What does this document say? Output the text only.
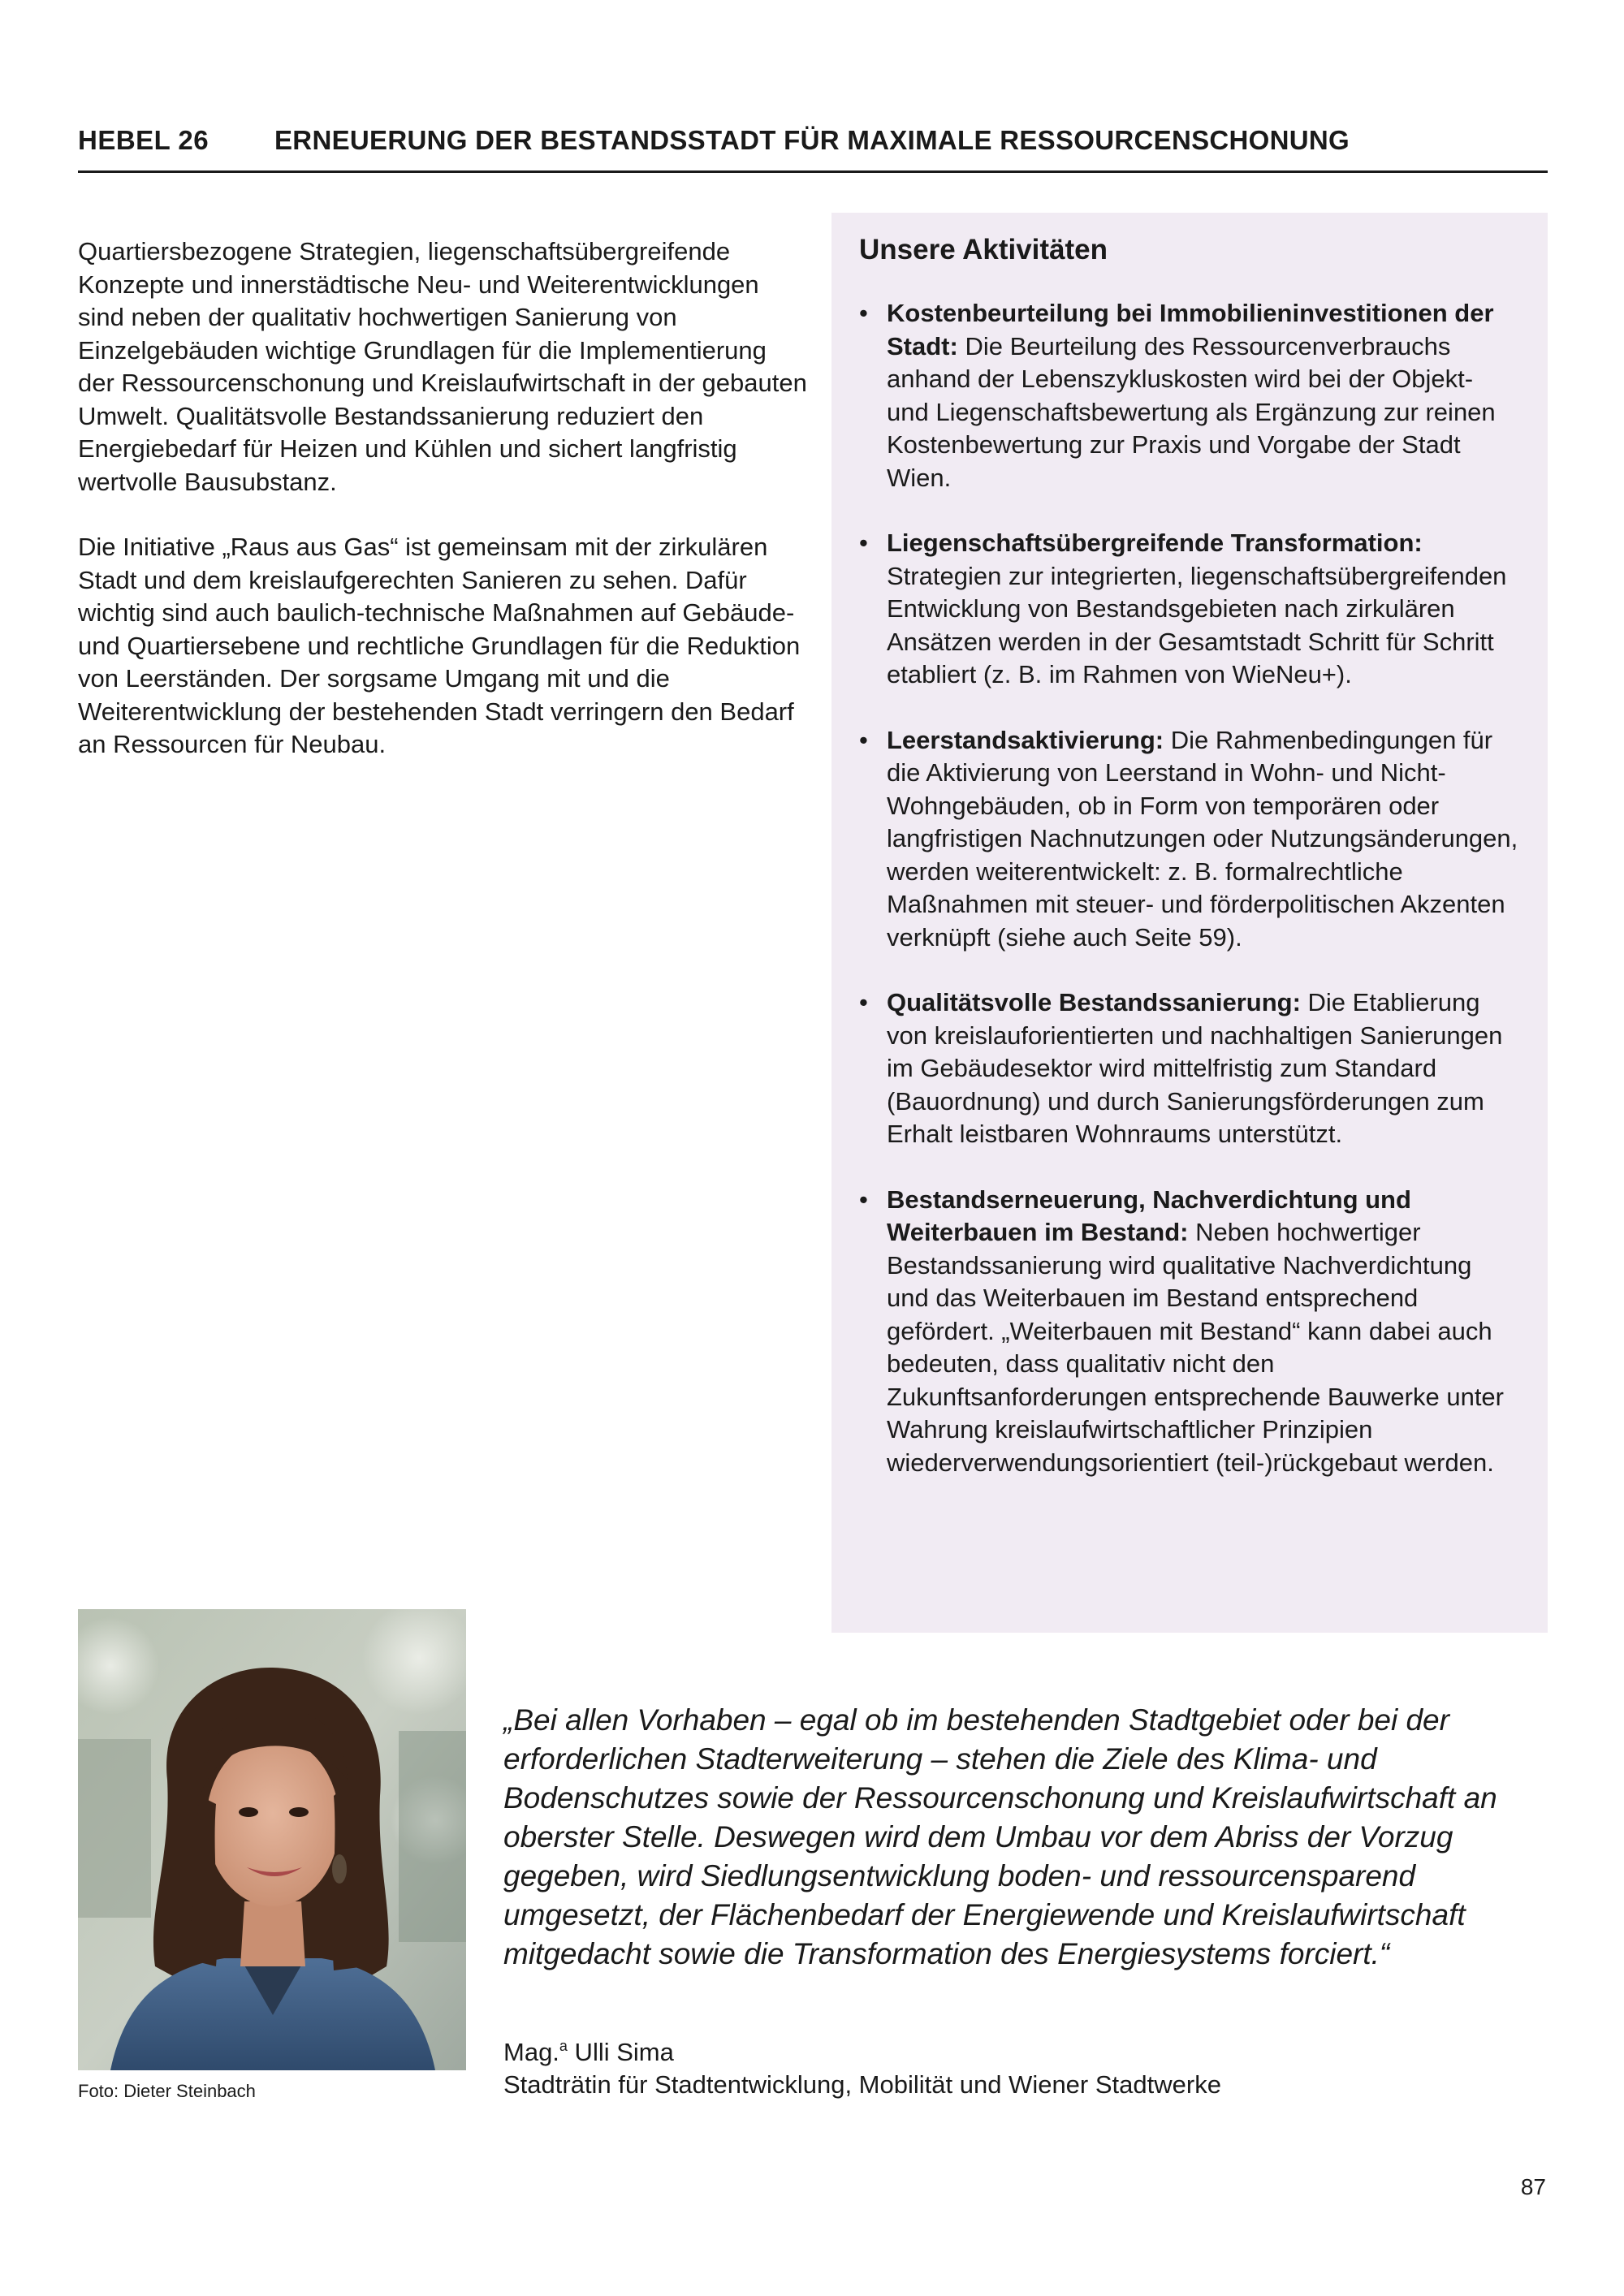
HEBEL 26 ERNEUERUNG DER BESTANDSSTADT FÜR MAXIMALE RESSOURCENSCHONUNG

Quartiersbezogene Strategien, liegenschaftsübergreifende Konzepte und innerstädtische Neu- und Weiterentwicklungen sind neben der qualitativ hochwertigen Sanierung von Einzelgebäuden wichtige Grundlagen für die Implementierung der Ressourcenschonung und Kreislaufwirtschaft in der gebauten Umwelt. Qualitätsvolle Bestandssanierung reduziert den Energiebedarf für Heizen und Kühlen und sichert langfristig wertvolle Bausubstanz.

Die Initiative „Raus aus Gas“ ist gemeinsam mit der zirkulären Stadt und dem kreislaufgerechten Sanieren zu sehen. Dafür wichtig sind auch baulich-technische Maßnahmen auf Gebäude- und Quartiersebene und rechtliche Grundlagen für die Reduktion von Leerständen. Der sorgsame Umgang mit und die Weiterentwicklung der bestehenden Stadt verringern den Bedarf an Ressourcen für Neubau.

Unsere Aktivitäten
• Kostenbeurteilung bei Immobilieninvestitionen der Stadt: Die Beurteilung des Ressourcenverbrauchs anhand der Lebenszykluskosten wird bei der Objekt- und Liegenschaftsbewertung als Ergänzung zur reinen Kostenbewertung zur Praxis und Vorgabe der Stadt Wien.
• Liegenschaftsübergreifende Transformation: Strategien zur integrierten, liegenschaftsübergreifenden Entwicklung von Bestandsgebieten nach zirkulären Ansätzen werden in der Gesamtstadt Schritt für Schritt etabliert (z. B. im Rahmen von WieNeu+).
• Leerstandsaktivierung: Die Rahmenbedingungen für die Aktivierung von Leerstand in Wohn- und Nicht-Wohngebäuden, ob in Form von temporären oder langfristigen Nachnutzungen oder Nutzungsänderungen, werden weiterentwickelt: z. B. formalrechtliche Maßnahmen mit steuer- und förderpolitischen Akzenten verknüpft (siehe auch Seite 59).
• Qualitätsvolle Bestandssanierung: Die Etablierung von kreislauforientierten und nachhaltigen Sanierungen im Gebäudesektor wird mittelfristig zum Standard (Bauordnung) und durch Sanierungsförderungen zum Erhalt leistbaren Wohnraums unterstützt.
• Bestandserneuerung, Nachverdichtung und Weiterbauen im Bestand: Neben hochwertiger Bestandssanierung wird qualitative Nachverdichtung und das Weiterbauen im Bestand entsprechend gefördert. „Weiterbauen mit Bestand“ kann dabei auch bedeuten, dass qualitativ nicht den Zukunftsanforderungen entsprechende Bauwerke unter Wahrung kreislaufwirtschaftlicher Prinzipien wiederverwendungsorientiert (teil-)rückgebaut werden.
Foto: Dieter Steinbach

„Bei allen Vorhaben – egal ob im bestehenden Stadtgebiet oder bei der erforderlichen Stadterweiterung – stehen die Ziele des Klima- und Bodenschutzes sowie der Ressourcenschonung und Kreislaufwirtschaft an oberster Stelle. Deswegen wird dem Umbau vor dem Abriss der Vorzug gegeben, wird Siedlungsentwicklung boden- und ressourcensparend umgesetzt, der Flächenbedarf der Energiewende und Kreislaufwirtschaft mitgedacht sowie die Transformation des Energiesystems forciert.“

Mag.$^a$ Ulli Sima
Stadträtin für Stadtentwicklung, Mobilität und Wiener Stadtwerke
87
